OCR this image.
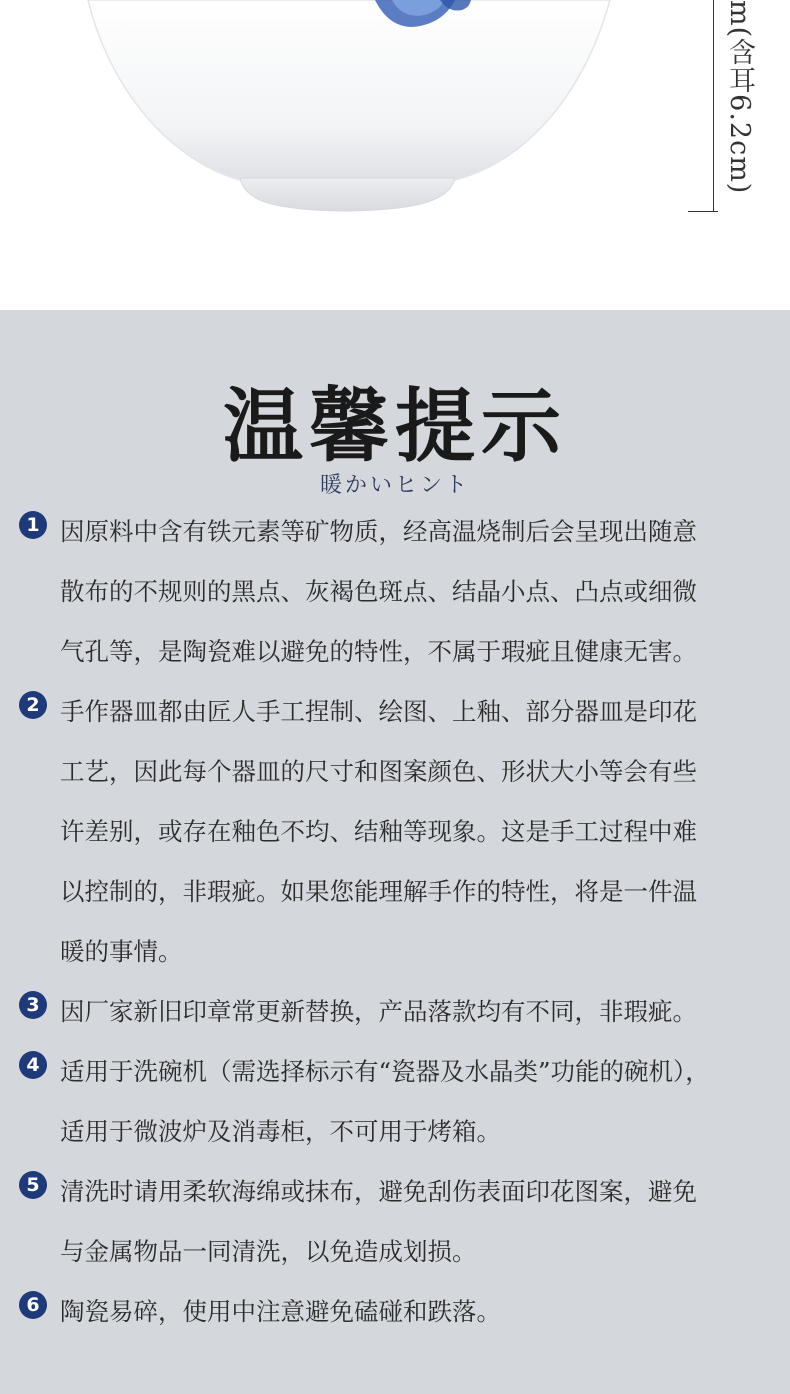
m(含耳6.2cm)
温馨提示
暖かいヒント
1 因原料中含有铁元素等矿物质，经高温烧制后会呈现出随意
散布的不规则的黑点、灰褐色斑点、结晶小点、凸点或细微
气孔等，是陶瓷难以避免的特性，不属于瑕疵且健康无害。
2 手作器皿都由匠人手工捏制、绘图、上釉、部分器皿是印花
工艺，因此每个器皿的尺寸和图案颜色、形状大小等会有些
许差别，或存在釉色不均、结釉等现象。这是手工过程中难
以控制的，非瑕疵。如果您能理解手作的特性，将是一件温
暖的事情。
3 因厂家新旧印章常更新替换，产品落款均有不同，非瑕疵。
4 适用于洗碗机（需选择标示有“瓷器及水晶类”功能的碗机），
适用于微波炉及消毒柜，不可用于烤箱。
5 清洗时请用柔软海绵或抹布，避免刮伤表面印花图案，避免
与金属物品一同清洗，以免造成划损。
6 陶瓷易碎，使用中注意避免磕碰和跌落。
